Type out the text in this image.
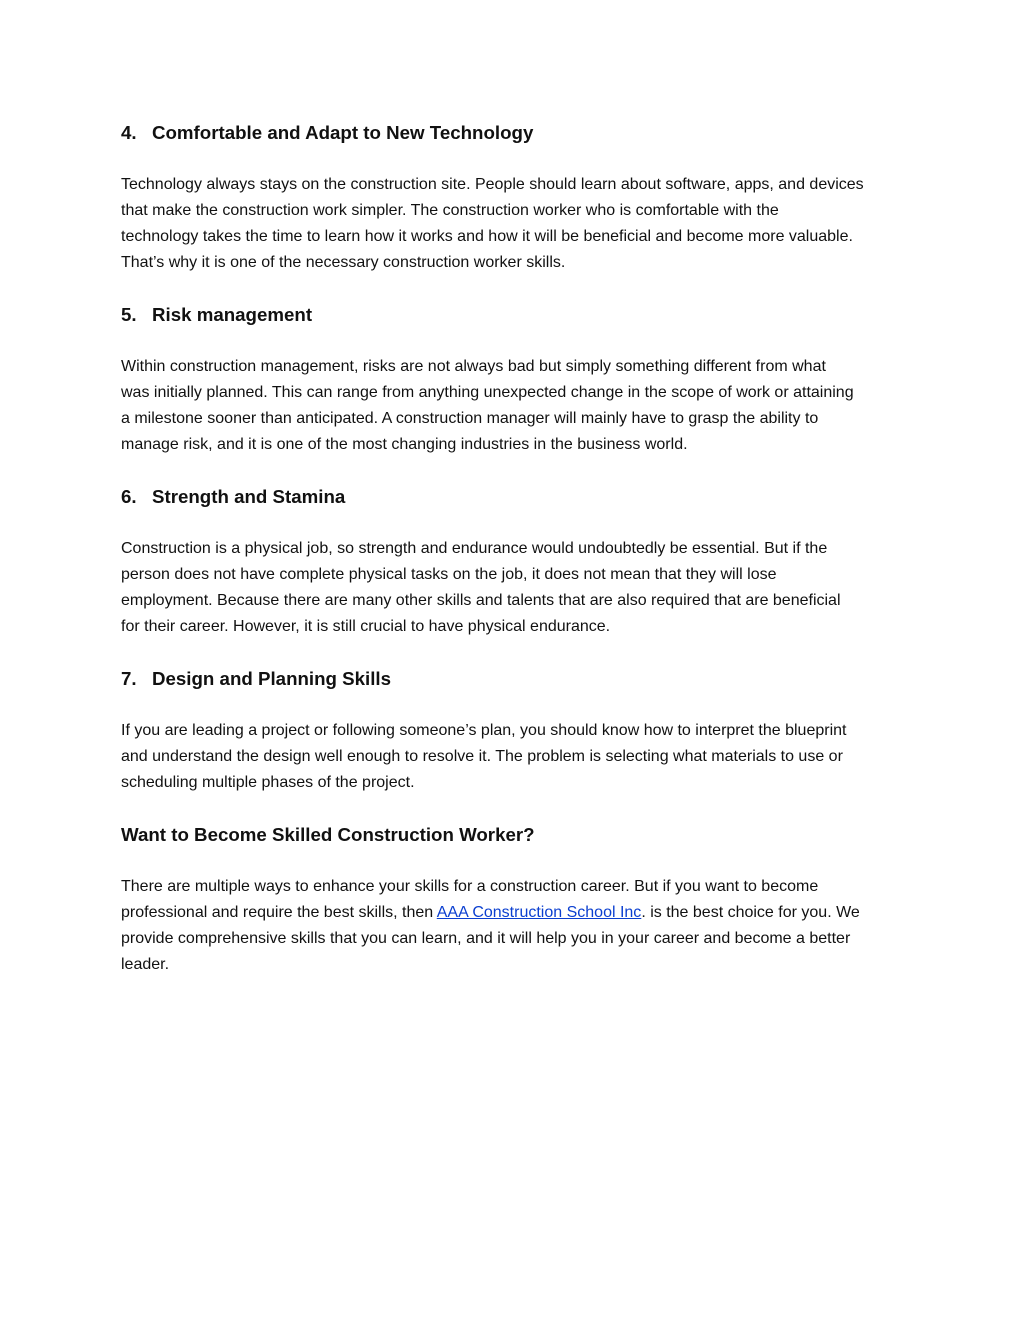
4. Comfortable and Adapt to New Technology

Technology always stays on the construction site. People should learn about software, apps, and devices
that make the construction work simpler. The construction worker who is comfortable with the
technology takes the time to learn how it works and how it will be beneficial and become more valuable.
That’s why it is one of the necessary construction worker skills.

5. Risk management

Within construction management, risks are not always bad but simply something different from what
was initially planned. This can range from anything unexpected change in the scope of work or attaining
a milestone sooner than anticipated. A construction manager will mainly have to grasp the ability to
manage risk, and it is one of the most changing industries in the business world.

6. Strength and Stamina

Construction is a physical job, so strength and endurance would undoubtedly be essential. But if the
person does not have complete physical tasks on the job, it does not mean that they will lose
employment. Because there are many other skills and talents that are also required that are beneficial
for their career. However, it is still crucial to have physical endurance.

7. Design and Planning Skills

If you are leading a project or following someone’s plan, you should know how to interpret the blueprint
and understand the design well enough to resolve it. The problem is selecting what materials to use or
scheduling multiple phases of the project.

Want to Become Skilled Construction Worker?

There are multiple ways to enhance your skills for a construction career. But if you want to become
professional and require the best skills, then AAA Construction School Inc. is the best choice for you. We
provide comprehensive skills that you can learn, and it will help you in your career and become a better
leader.
